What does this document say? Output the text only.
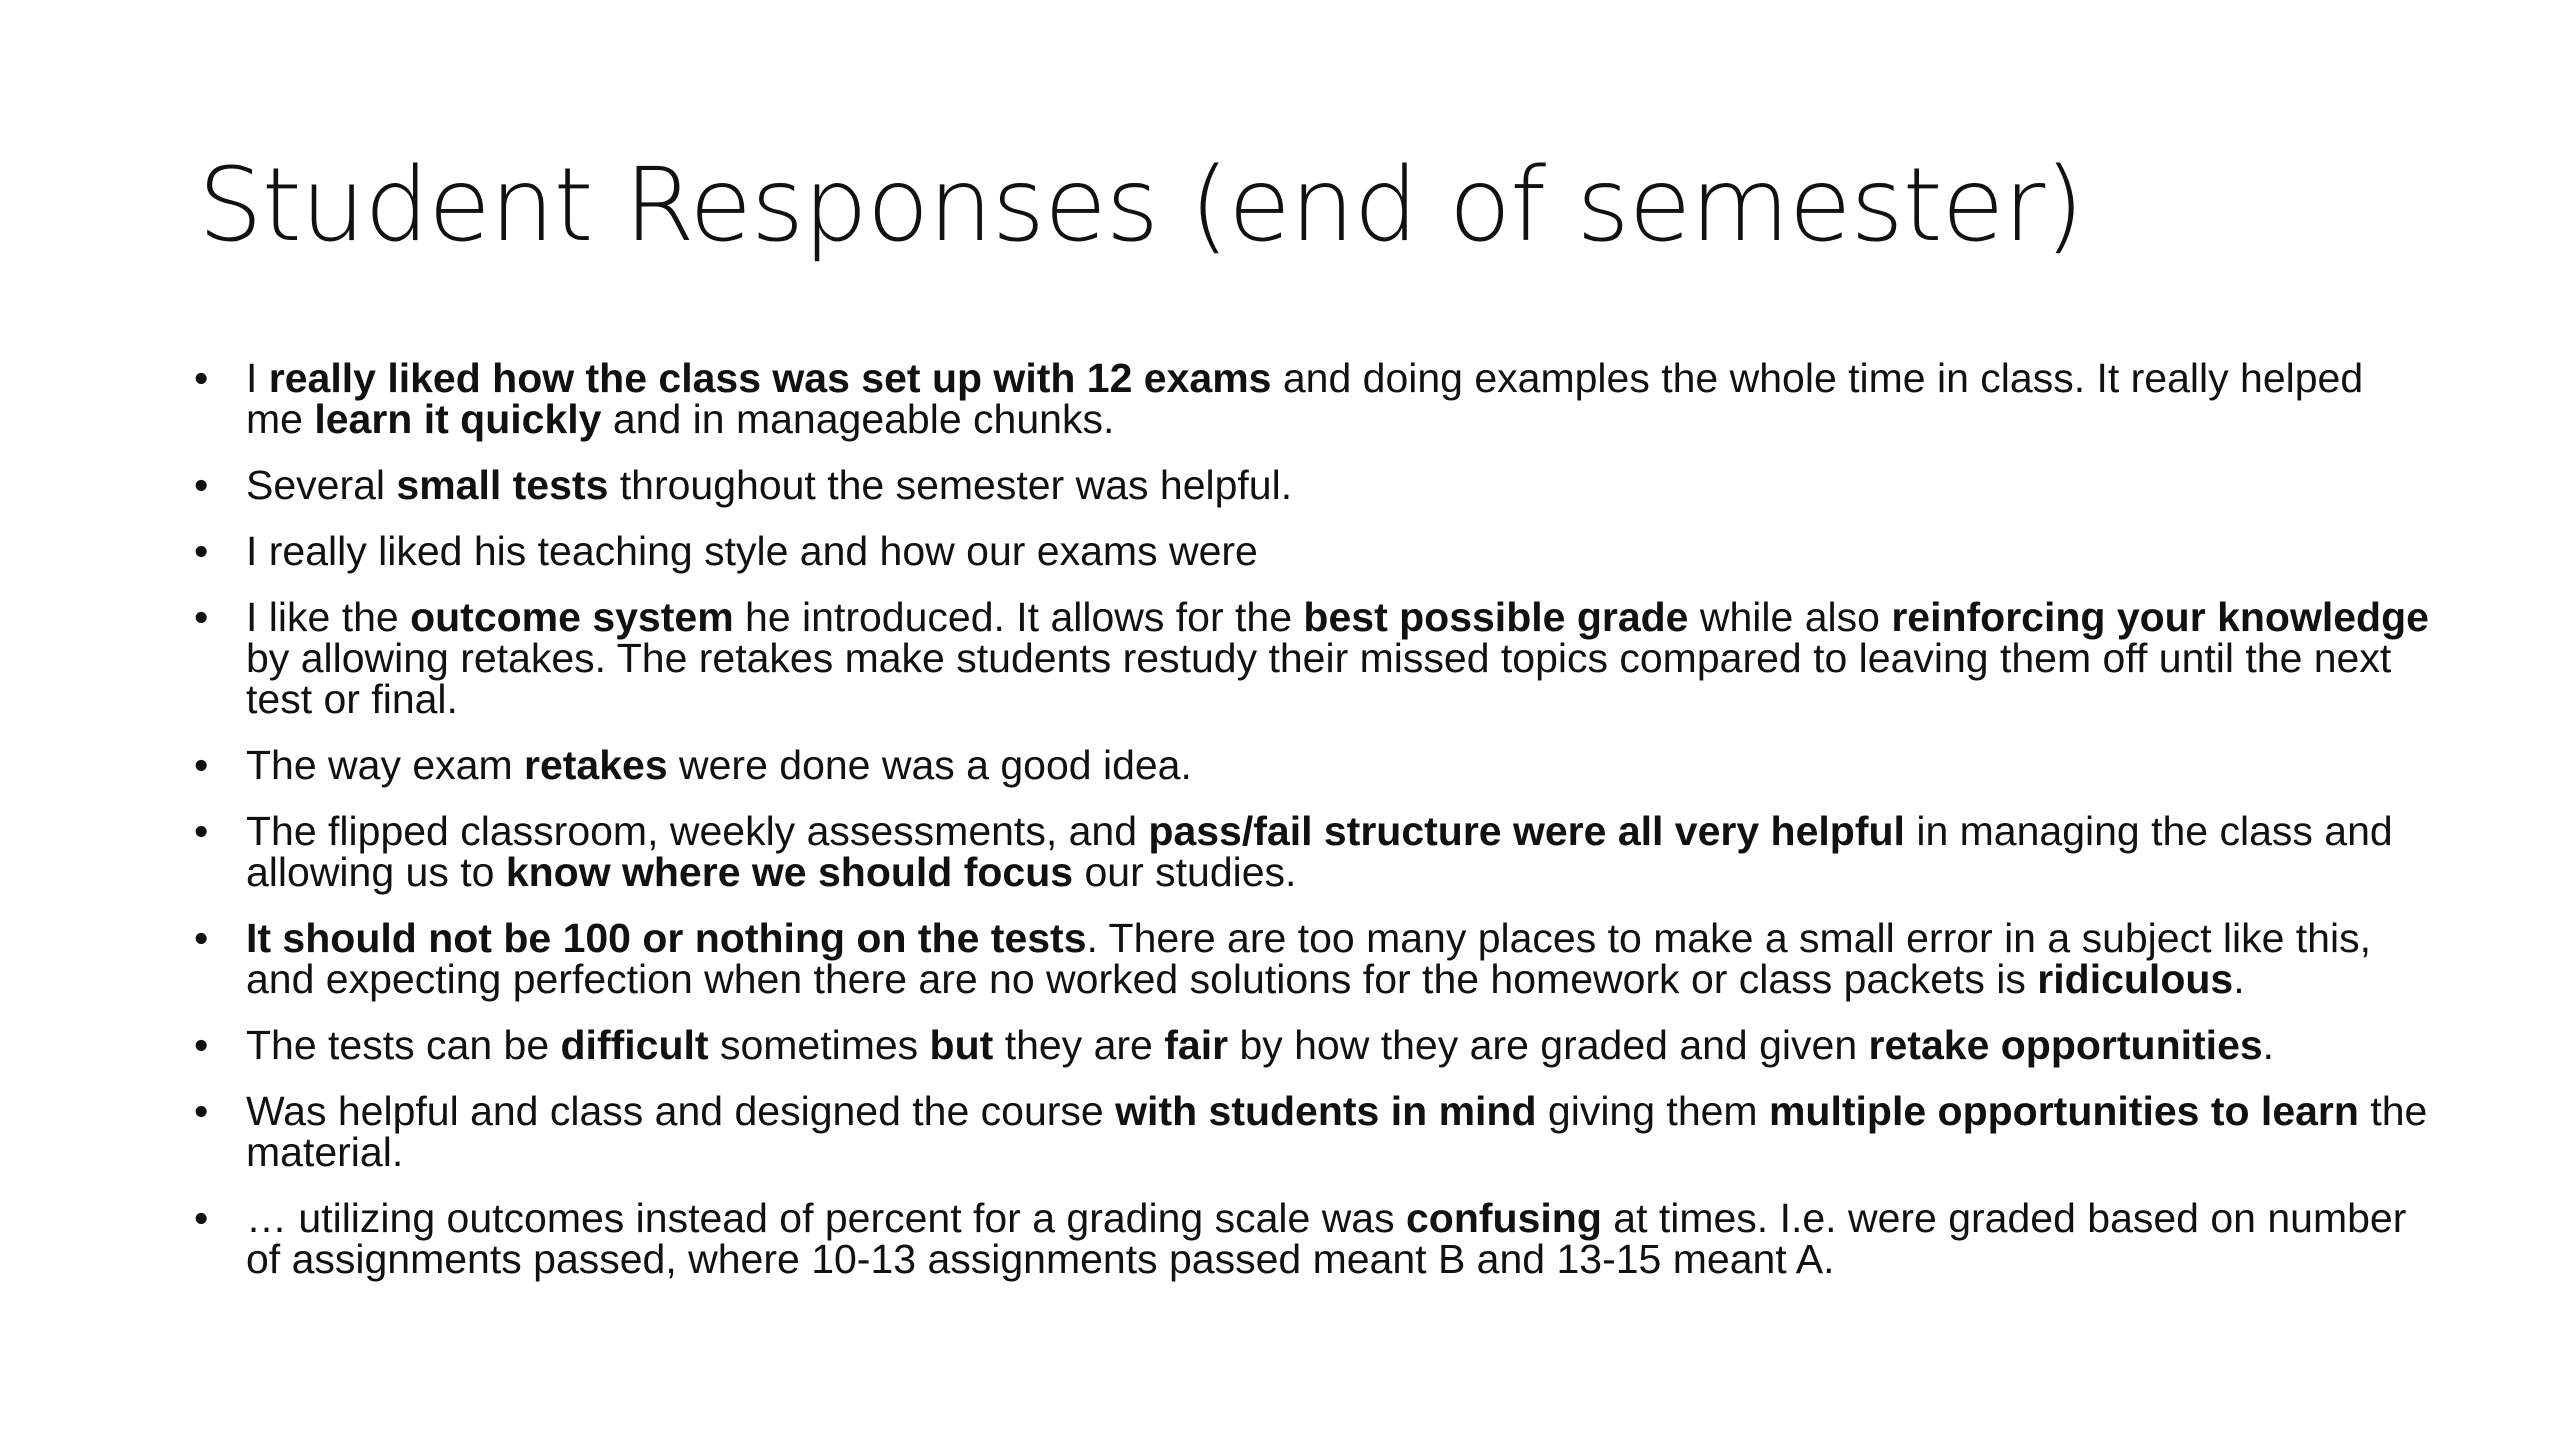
Student Responses (end of semester)
• I really liked how the class was set up with 12 exams and doing examples the whole time in class. It really helped me learn it quickly and in manageable chunks.
• Several small tests throughout the semester was helpful.
• I really liked his teaching style and how our exams were
• I like the outcome system he introduced. It allows for the best possible grade while also reinforcing your knowledge by allowing retakes. The retakes make students restudy their missed topics compared to leaving them off until the next test or final.
• The way exam retakes were done was a good idea.
• The flipped classroom, weekly assessments, and pass/fail structure were all very helpful in managing the class and allowing us to know where we should focus our studies.
• It should not be 100 or nothing on the tests. There are too many places to make a small error in a subject like this, and expecting perfection when there are no worked solutions for the homework or class packets is ridiculous.
• The tests can be difficult sometimes but they are fair by how they are graded and given retake opportunities.
• Was helpful and class and designed the course with students in mind giving them multiple opportunities to learn the material.
• … utilizing outcomes instead of percent for a grading scale was confusing at times. I.e. were graded based on number of assignments passed, where 10-13 assignments passed meant B and 13-15 meant A.
